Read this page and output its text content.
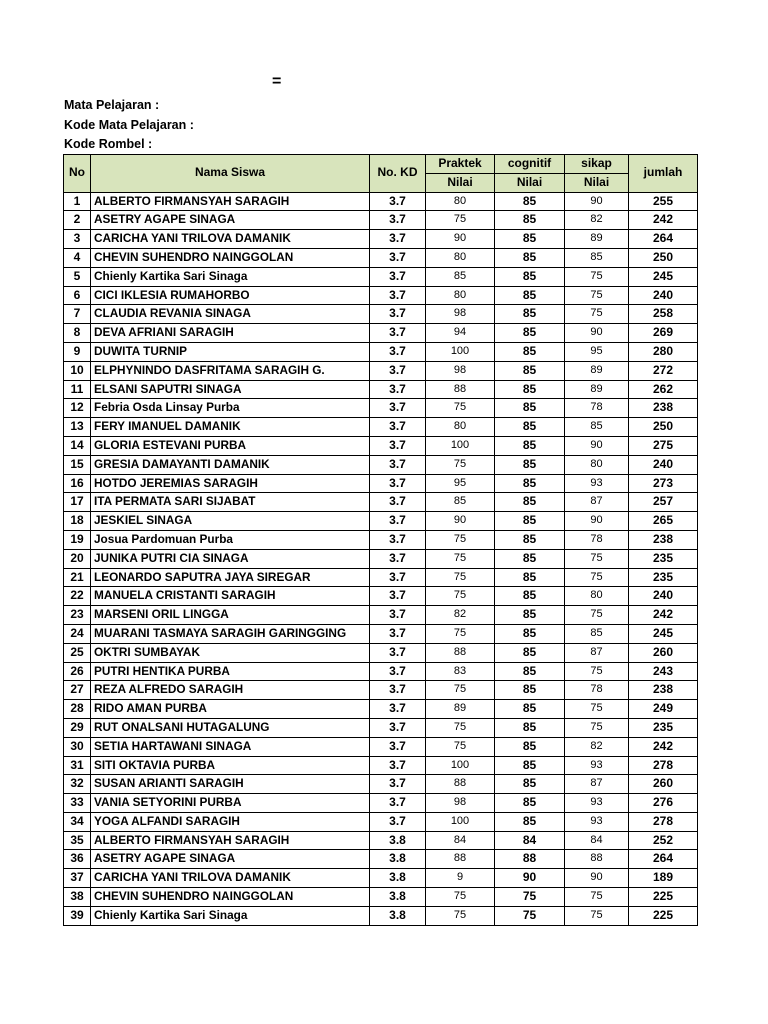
=
Mata Pelajaran :
Kode Mata Pelajaran :
Kode Rombel :
No	Nama Siswa	No. KD	Praktek	cognitif	sikap	jumlah
			Nilai	Nilai	Nilai	
1	ALBERTO FIRMANSYAH SARAGIH	3.7	80	85	90	255
2	ASETRY AGAPE SINAGA	3.7	75	85	82	242
3	CARICHA YANI TRILOVA DAMANIK	3.7	90	85	89	264
4	CHEVIN SUHENDRO NAINGGOLAN	3.7	80	85	85	250
5	Chienly Kartika Sari Sinaga	3.7	85	85	75	245
6	CICI IKLESIA RUMAHORBO	3.7	80	85	75	240
7	CLAUDIA REVANIA SINAGA	3.7	98	85	75	258
8	DEVA AFRIANI SARAGIH	3.7	94	85	90	269
9	DUWITA TURNIP	3.7	100	85	95	280
10	ELPHYNINDO DASFRITAMA SARAGIH G.	3.7	98	85	89	272
11	ELSANI SAPUTRI SINAGA	3.7	88	85	89	262
12	Febria Osda Linsay Purba	3.7	75	85	78	238
13	FERY IMANUEL DAMANIK	3.7	80	85	85	250
14	GLORIA ESTEVANI PURBA	3.7	100	85	90	275
15	GRESIA DAMAYANTI DAMANIK	3.7	75	85	80	240
16	HOTDO JEREMIAS SARAGIH	3.7	95	85	93	273
17	ITA PERMATA SARI SIJABAT	3.7	85	85	87	257
18	JESKIEL SINAGA	3.7	90	85	90	265
19	Josua Pardomuan Purba	3.7	75	85	78	238
20	JUNIKA PUTRI CIA SINAGA	3.7	75	85	75	235
21	LEONARDO SAPUTRA JAYA SIREGAR	3.7	75	85	75	235
22	MANUELA CRISTANTI SARAGIH	3.7	75	85	80	240
23	MARSENI ORIL LINGGA	3.7	82	85	75	242
24	MUARANI TASMAYA SARAGIH GARINGGING	3.7	75	85	85	245
25	OKTRI SUMBAYAK	3.7	88	85	87	260
26	PUTRI HENTIKA PURBA	3.7	83	85	75	243
27	REZA ALFREDO SARAGIH	3.7	75	85	78	238
28	RIDO AMAN PURBA	3.7	89	85	75	249
29	RUT ONALSANI HUTAGALUNG	3.7	75	85	75	235
30	SETIA HARTAWANI SINAGA	3.7	75	85	82	242
31	SITI OKTAVIA PURBA	3.7	100	85	93	278
32	SUSAN ARIANTI SARAGIH	3.7	88	85	87	260
33	VANIA SETYORINI PURBA	3.7	98	85	93	276
34	YOGA ALFANDI SARAGIH	3.7	100	85	93	278
35	ALBERTO FIRMANSYAH SARAGIH	3.8	84	84	84	252
36	ASETRY AGAPE SINAGA	3.8	88	88	88	264
37	CARICHA YANI TRILOVA DAMANIK	3.8	9	90	90	189
38	CHEVIN SUHENDRO NAINGGOLAN	3.8	75	75	75	225
39	Chienly Kartika Sari Sinaga	3.8	75	75	75	225
